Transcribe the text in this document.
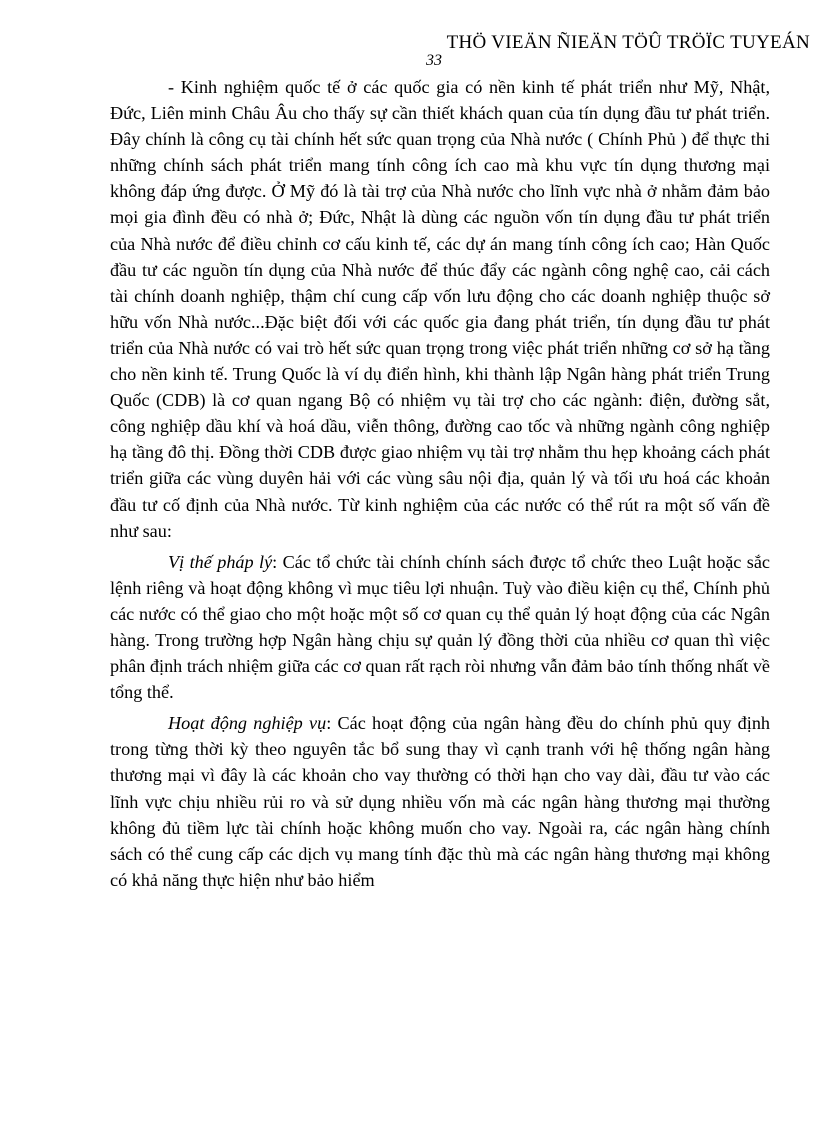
THÖ VIEÄN ÑIEÄN TÖÛ TRÖÏC TUYEÁN
33

- Kinh nghiệm quốc tế ở các quốc gia có nền kinh tế phát triển như Mỹ, Nhật, Đức, Liên minh Châu Âu cho thấy sự cần thiết khách quan của tín dụng đầu tư phát triển. Đây chính là công cụ tài chính hết sức quan trọng của Nhà nước ( Chính Phủ ) để thực thi những chính sách phát triển mang tính công ích cao mà khu vực tín dụng thương mại không đáp ứng được. Ở Mỹ đó là tài trợ của Nhà nước cho lĩnh vực nhà ở nhằm đảm bảo mọi gia đình đều có nhà ở; Đức, Nhật là dùng các nguồn vốn tín dụng đầu tư phát triển của Nhà nước để điều chỉnh cơ cấu kinh tế, các dự án mang tính công ích cao; Hàn Quốc đầu tư các nguồn tín dụng của Nhà nước để thúc đẩy các ngành công nghệ cao, cải cách tài chính doanh nghiệp, thậm chí cung cấp vốn lưu động cho các doanh nghiệp thuộc sở hữu vốn Nhà nước...Đặc biệt đối với các quốc gia đang phát triển, tín dụng đầu tư phát triển của Nhà nước có vai trò hết sức quan trọng trong việc phát triển những cơ sở hạ tầng cho nền kinh tế. Trung Quốc là ví dụ điển hình, khi thành lập Ngân hàng phát triển Trung Quốc (CDB) là cơ quan ngang Bộ có nhiệm vụ tài trợ cho các ngành: điện, đường sắt, công nghiệp dầu khí và hoá dầu, viễn thông, đường cao tốc và những ngành công nghiệp hạ tầng đô thị. Đồng thời CDB được giao nhiệm vụ tài trợ nhằm thu hẹp khoảng cách phát triển giữa các vùng duyên hải với các vùng sâu nội địa, quản lý và tối ưu hoá các khoản đầu tư cố định của Nhà nước. Từ kinh nghiệm của các nước có thể rút ra một số vấn đề như sau:

Vị thế pháp lý: Các tổ chức tài chính chính sách được tổ chức theo Luật hoặc sắc lệnh riêng và hoạt động không vì mục tiêu lợi nhuận. Tuỳ vào điều kiện cụ thể, Chính phủ các nước có thể giao cho một hoặc một số cơ quan cụ thể quản lý hoạt động của các Ngân hàng. Trong trường hợp Ngân hàng chịu sự quản lý đồng thời của nhiều cơ quan thì việc phân định trách nhiệm giữa các cơ quan rất rạch ròi nhưng vẫn đảm bảo tính thống nhất về tổng thể.

Hoạt động nghiệp vụ: Các hoạt động của ngân hàng đều do chính phủ quy định trong từng thời kỳ theo nguyên tắc bổ sung thay vì cạnh tranh với hệ thống ngân hàng thương mại vì đây là các khoản cho vay thường có thời hạn cho vay dài, đầu tư vào các lĩnh vực chịu nhiều rủi ro và sử dụng nhiều vốn mà các ngân hàng thương mại thường không đủ tiềm lực tài chính hoặc không muốn cho vay. Ngoài ra, các ngân hàng chính sách có thể cung cấp các dịch vụ mang tính đặc thù mà các ngân hàng thương mại không có khả năng thực hiện như bảo hiểm
